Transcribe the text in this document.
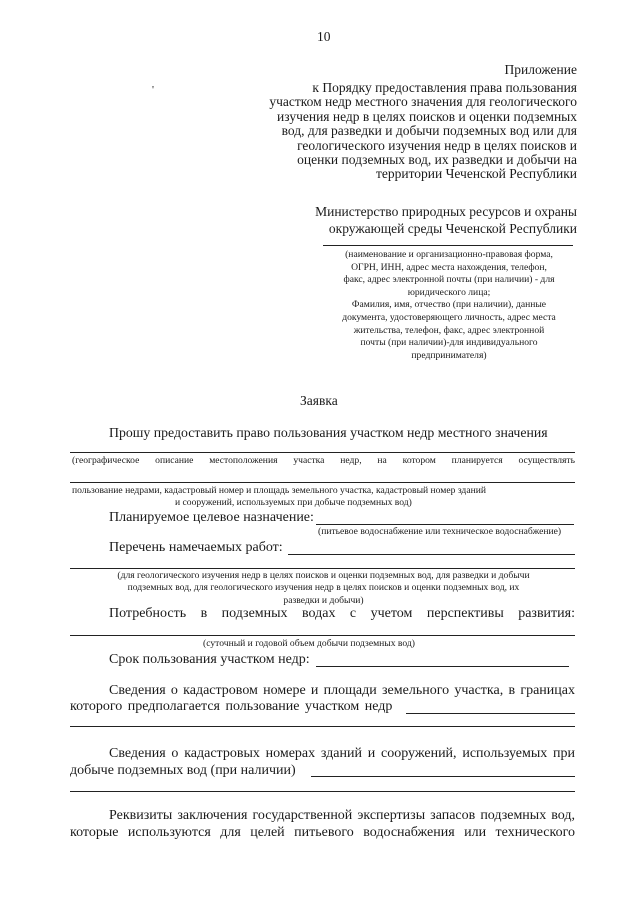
10
Приложение
'	к Порядку предоставления права пользования
участком недр местного значения для геологического
изучения недр в целях поисков и оценки подземных
вод, для разведки и добычи подземных вод или для
геологического изучения недр в целях поисков и
оценки подземных вод, их разведки и добычи на
территории Чеченской Республики
Министерство природных ресурсов и охраны
окружающей среды Чеченской Республики
(наименование и организационно-правовая форма,
ОГРН, ИНН, адрес места нахождения, телефон,
факс, адрес электронной почты (при наличии) - для
юридического лица;
Фамилия, имя, отчество (при наличии), данные
документа, удостоверяющего личность, адрес места
жительства, телефон, факс, адрес электронной
почты (при наличии)-для индивидуального
предпринимателя)
Заявка
Прошу предоставить право пользования участком недр местного значения
(географическое описание местоположения участка недр, на котором планируется осуществлять
пользование недрами, кадастровый номер и площадь земельного участка, кадастровый номер зданий
и сооружений, используемых при добыче подземных вод)
Планируемое целевое назначение:
(питьевое водоснабжение или техническое водоснабжение)
Перечень намечаемых работ:
(для геологического изучения недр в целях поисков и оценки подземных вод, для разведки и добычи
подземных вод, для геологического изучения недр в целях поисков и оценки подземных вод, их
разведки и добычи)
Потребность в подземных водах с учетом перспективы развития:
(суточный и годовой объем добычи подземных вод)
Срок пользования участком недр:
Сведения о кадастровом номере и площади земельного участка, в границах
которого предполагается пользование участком недр
Сведения о кадастровых номерах зданий и сооружений, используемых при
добыче подземных вод (при наличии)
Реквизиты заключения государственной экспертизы запасов подземных вод,
которые используются для целей питьевого водоснабжения или технического
